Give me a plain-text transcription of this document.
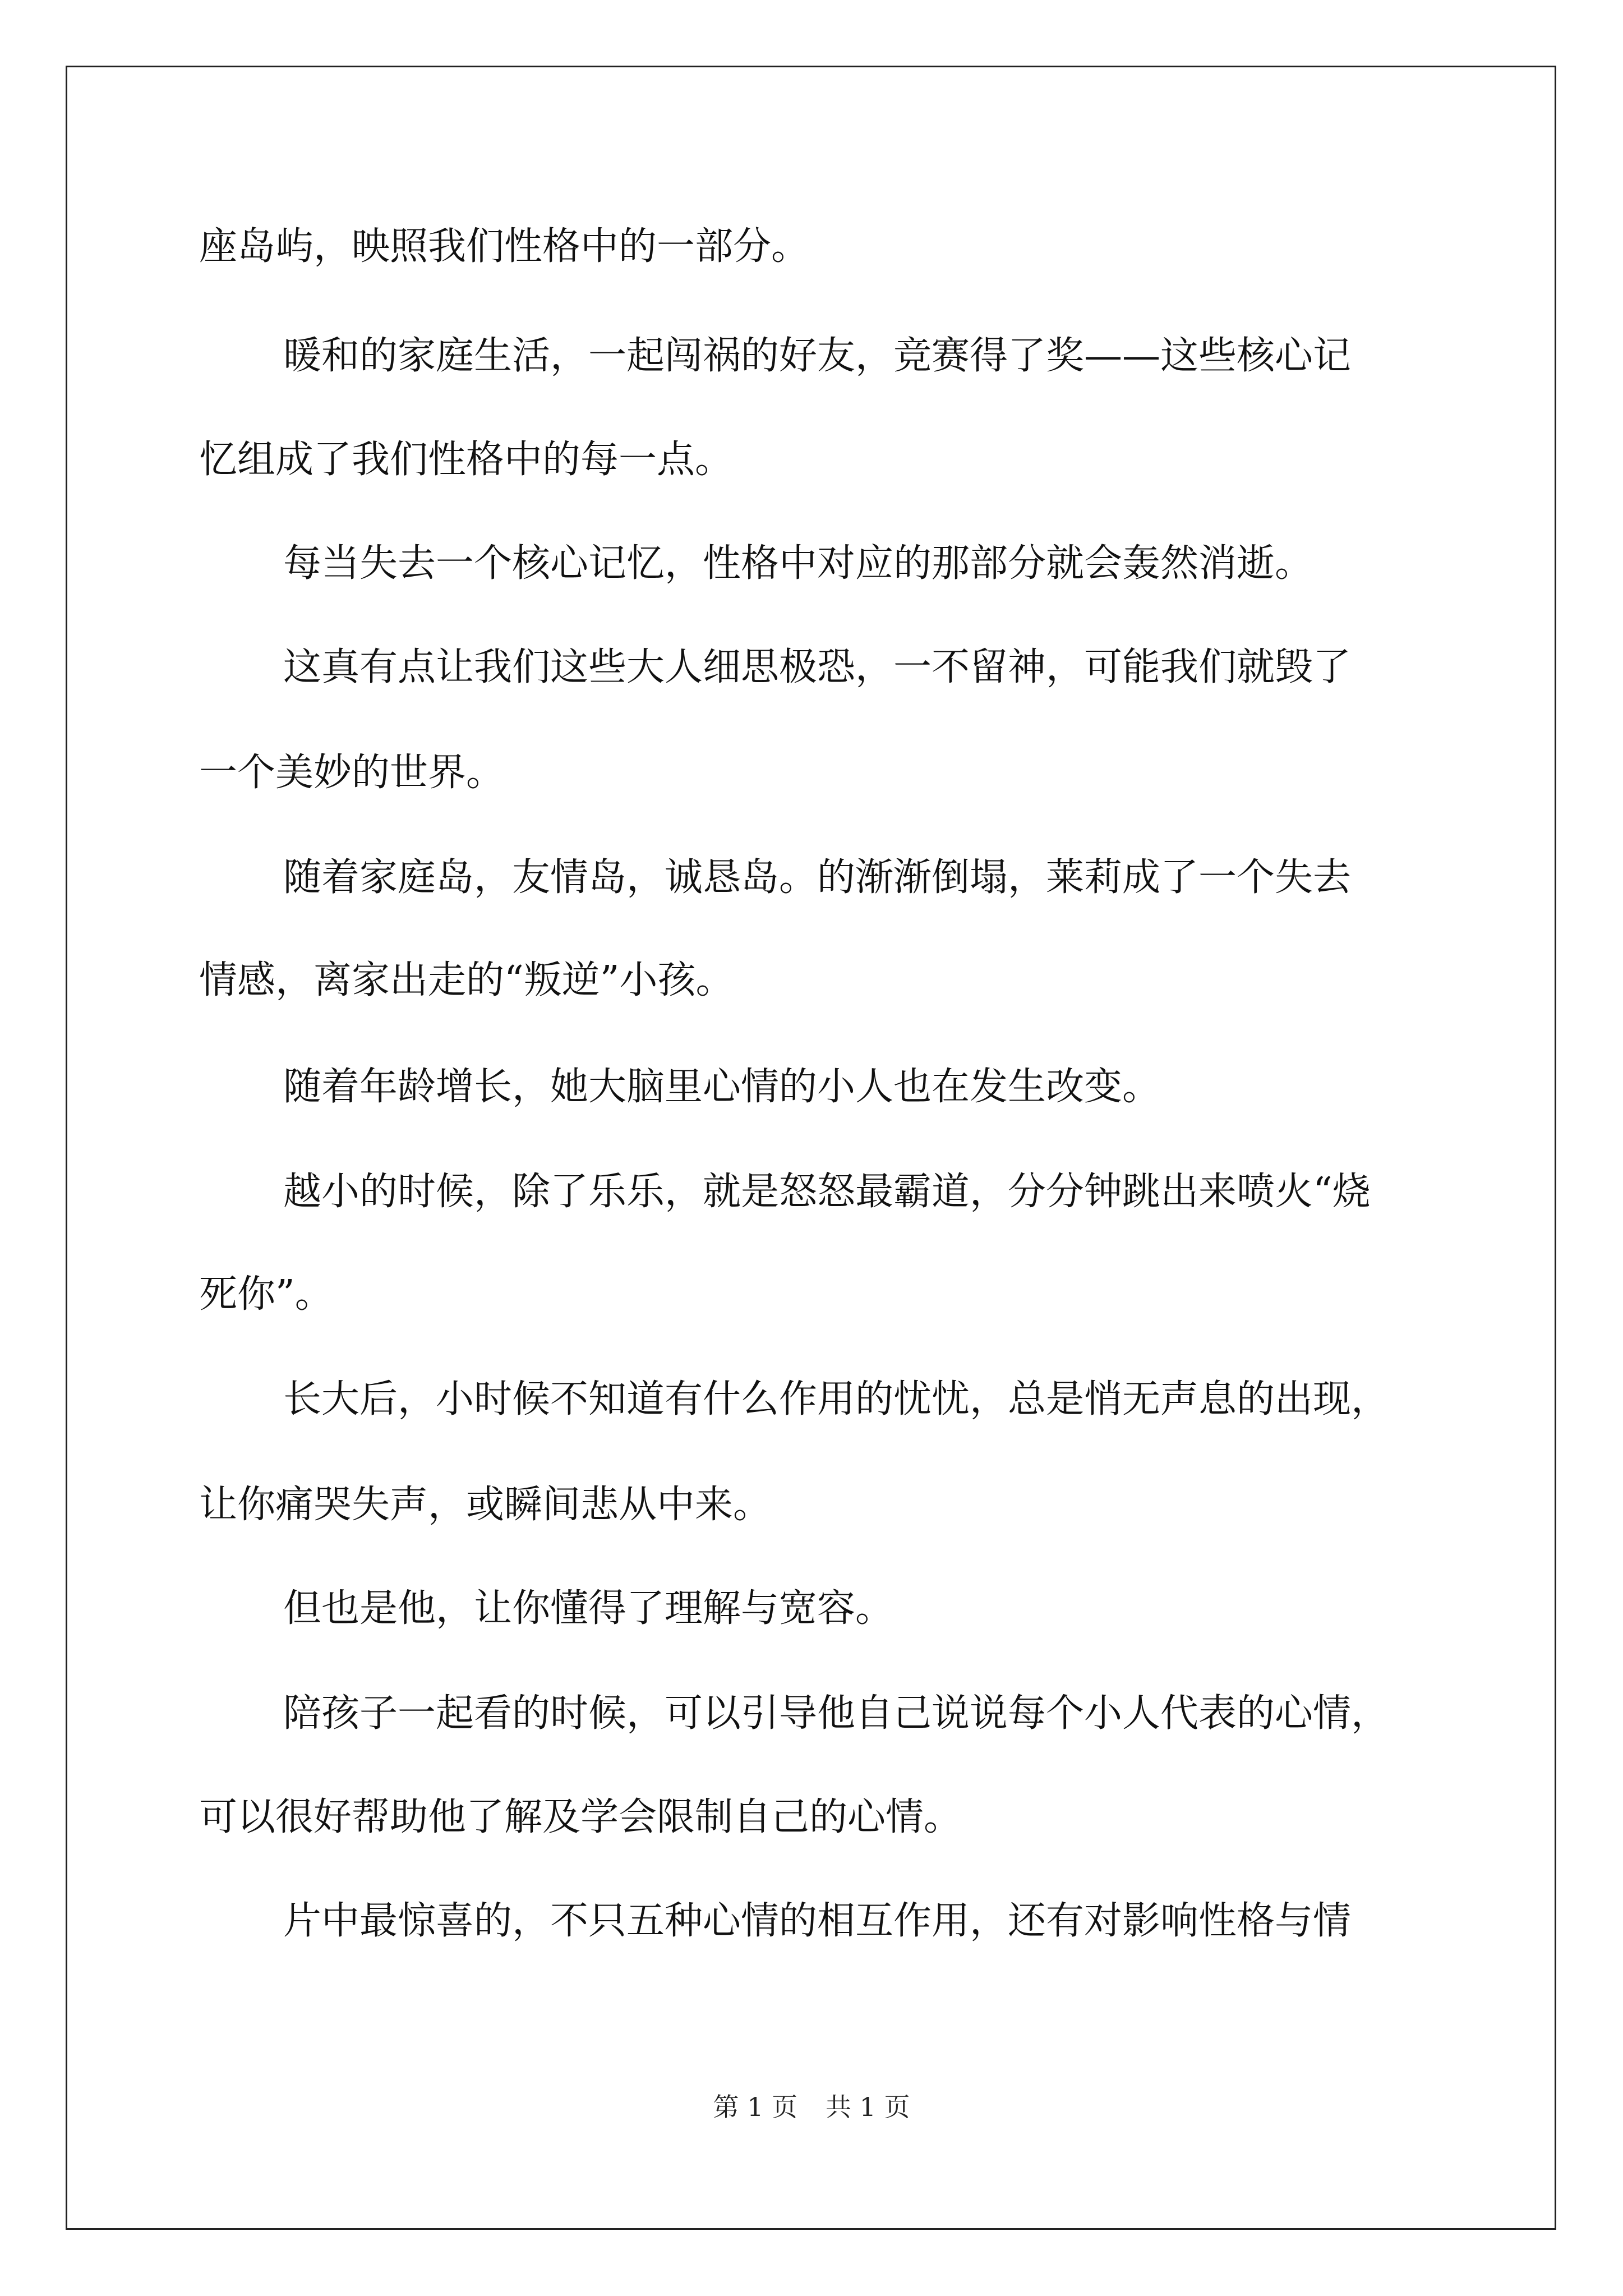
座岛屿，映照我们性格中的一部分。
暖和的家庭生活，一起闯祸的好友，竞赛得了奖——这些核心记
忆组成了我们性格中的每一点。
每当失去一个核心记忆，性格中对应的那部分就会轰然消逝。
这真有点让我们这些大人细思极恐，一不留神，可能我们就毁了
一个美妙的世界。
随着家庭岛，友情岛，诚恳岛。的渐渐倒塌，莱莉成了一个失去
情感，离家出走的“叛逆”小孩。
随着年龄增长，她大脑里心情的小人也在发生改变。
越小的时候，除了乐乐，就是怒怒最霸道，分分钟跳出来喷火“烧
死你”。
长大后，小时候不知道有什么作用的忧忧，总是悄无声息的出现，
让你痛哭失声，或瞬间悲从中来。
但也是他，让你懂得了理解与宽容。
陪孩子一起看的时候，可以引导他自己说说每个小人代表的心情，
可以很好帮助他了解及学会限制自己的心情。
片中最惊喜的，不只五种心情的相互作用，还有对影响性格与情
第 1 页 共 1 页
